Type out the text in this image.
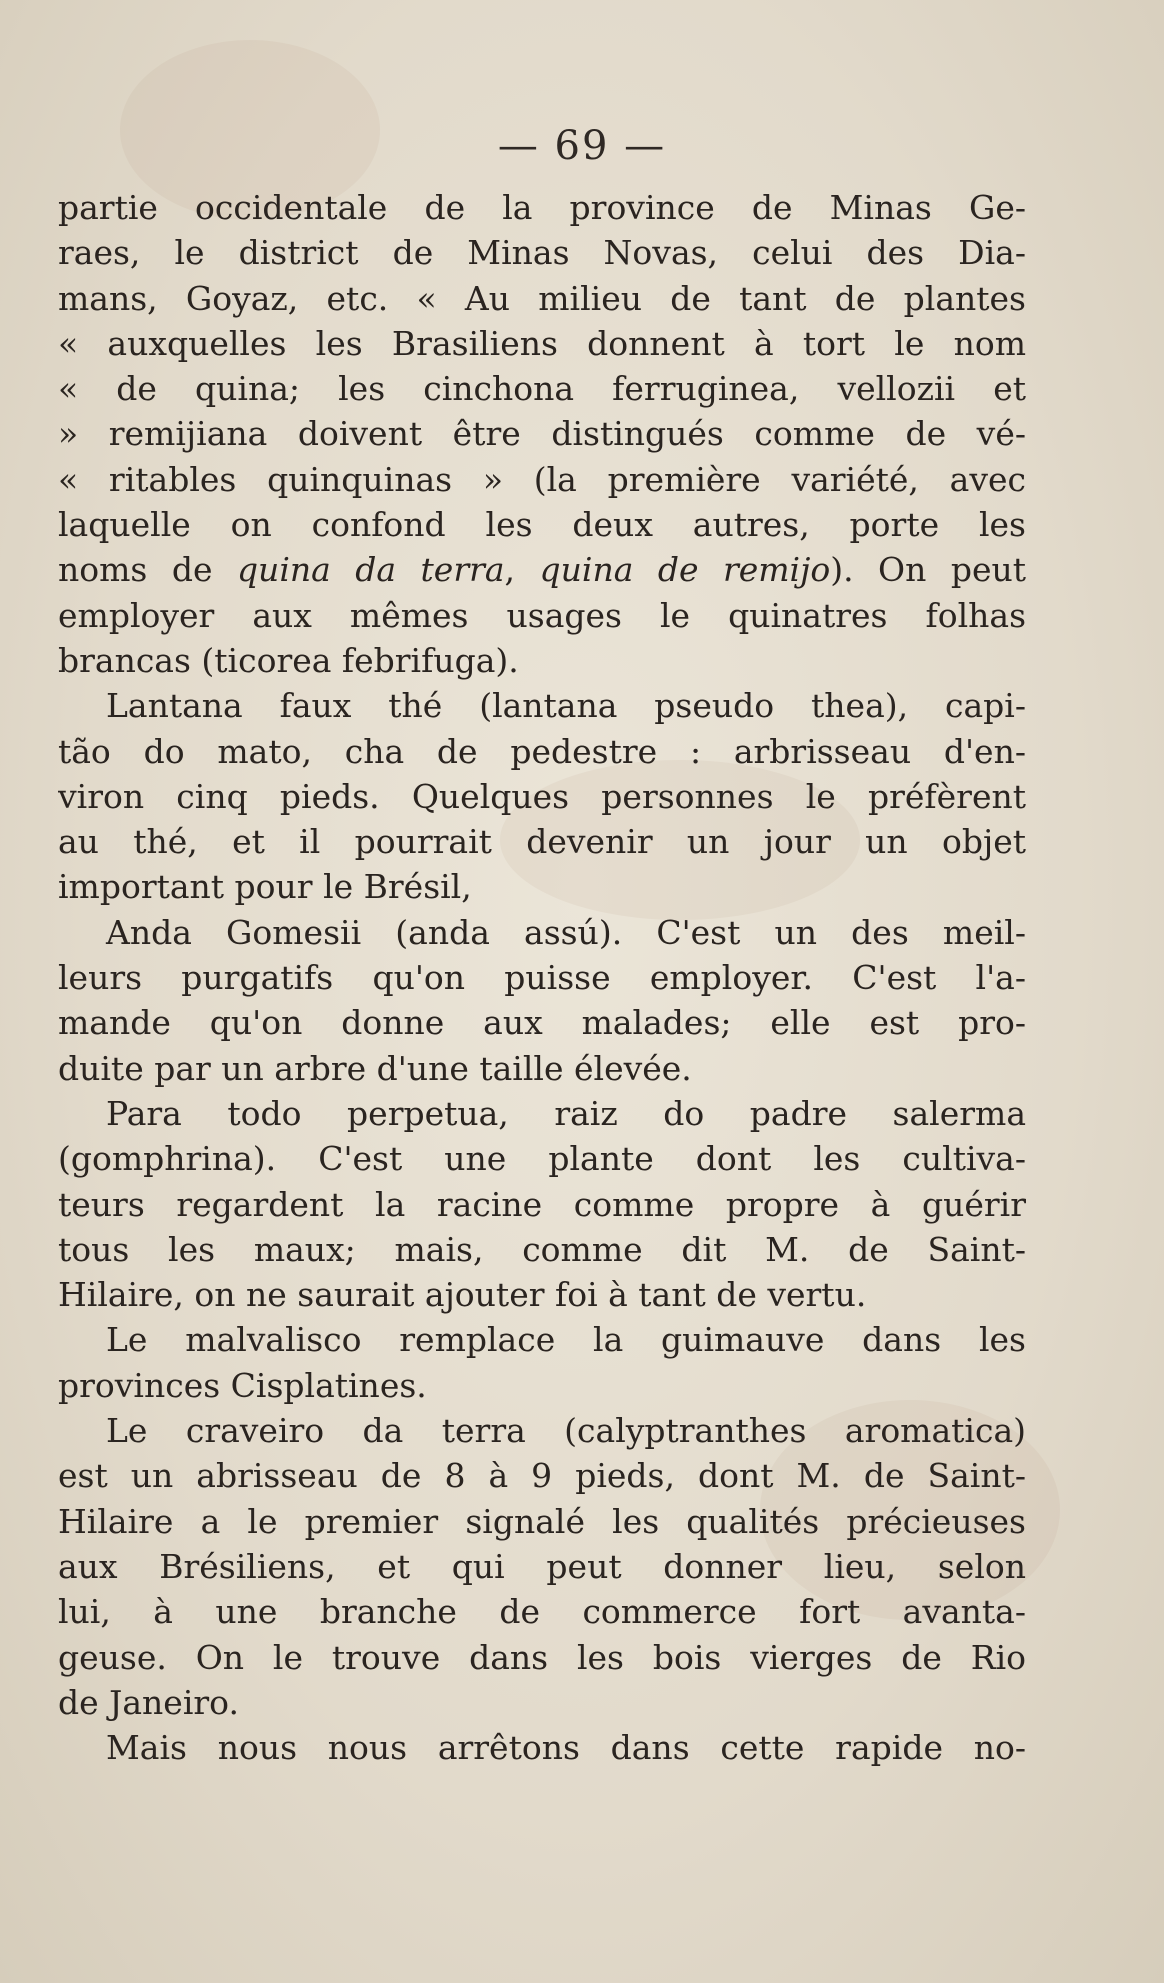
— 69 —
partie occidentale de la province de Minas Ge-
raes, le district de Minas Novas, celui des Dia-
mans, Goyaz, etc. « Au milieu de tant de plantes
« auxquelles les Brasiliens donnent à tort le nom
« de quina; les cinchona ferruginea, vellozii et
» remijiana doivent être distingués comme de vé-
« ritables quinquinas » (la première variété, avec
laquelle on confond les deux autres, porte les
noms de quina da terra, quina de remijo). On peut
employer aux mêmes usages le quinatres folhas
brancas (ticorea febrifuga).
Lantana faux thé (lantana pseudo thea), capi-
tão do mato, cha de pedestre : arbrisseau d'en-
viron cinq pieds. Quelques personnes le préfèrent
au thé, et il pourrait devenir un jour un objet
important pour le Brésil,
Anda Gomesii (anda assú). C'est un des meil-
leurs purgatifs qu'on puisse employer. C'est l'a-
mande qu'on donne aux malades; elle est pro-
duite par un arbre d'une taille élevée.
Para todo perpetua, raiz do padre salerma
(gomphrina). C'est une plante dont les cultiva-
teurs regardent la racine comme propre à guérir
tous les maux; mais, comme dit M. de Saint-
Hilaire, on ne saurait ajouter foi à tant de vertu.
Le malvalisco remplace la guimauve dans les
provinces Cisplatines.
Le craveiro da terra (calyptranthes aromatica)
est un abrisseau de 8 à 9 pieds, dont M. de Saint-
Hilaire a le premier signalé les qualités précieuses
aux Brésiliens, et qui peut donner lieu, selon
lui, à une branche de commerce fort avanta-
geuse. On le trouve dans les bois vierges de Rio
de Janeiro.
Mais nous nous arrêtons dans cette rapide no-
